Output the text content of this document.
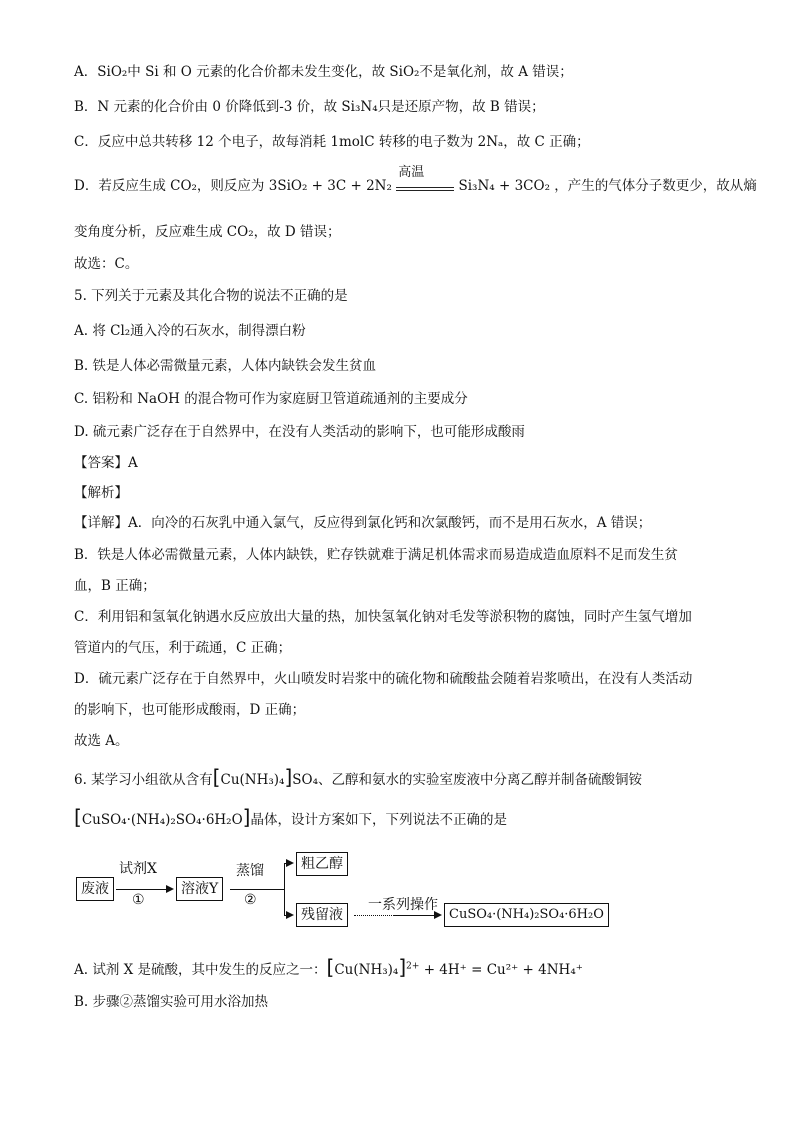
A．SiO₂中 Si 和 O 元素的化合价都未发生变化，故 SiO₂不是氧化剂，故 A 错误；
B．N 元素的化合价由 0 价降低到-3 价，故 Si₃N₄只是还原产物，故 B 错误；
C．反应中总共转移 12 个电子，故每消耗 1molC 转移的电子数为 2Nₐ，故 C 正确；
D．若反应生成 CO₂，则反应为 3SiO₂ + 3C + 2N₂
高温
Si₃N₄ + 3CO₂ ，产生的气体分子数更少，故从熵
变角度分析，反应难生成 CO₂，故 D 错误；
故选：C。
5. 下列关于元素及其化合物的说法不正确的是
A. 将 Cl₂通入冷的石灰水，制得漂白粉
B. 铁是人体必需微量元素，人体内缺铁会发生贫血
C. 铝粉和 NaOH 的混合物可作为家庭厨卫管道疏通剂的主要成分
D. 硫元素广泛存在于自然界中，在没有人类活动的影响下，也可能形成酸雨
【答案】A
【解析】
【详解】A．向冷的石灰乳中通入氯气，反应得到氯化钙和次氯酸钙，而不是用石灰水，A 错误；
B．铁是人体必需微量元素，人体内缺铁，贮存铁就难于满足机体需求而易造成造血原料不足而发生贫
血，B 正确；
C．利用铝和氢氧化钠遇水反应放出大量的热，加快氢氧化钠对毛发等淤积物的腐蚀，同时产生氢气增加
管道内的气压，利于疏通，C 正确；
D．硫元素广泛存在于自然界中，火山喷发时岩浆中的硫化物和硫酸盐会随着岩浆喷出，在没有人类活动
的影响下，也可能形成酸雨，D 正确；
故选 A。
6. 某学习小组欲从含有[Cu(NH₃)₄]SO₄、乙醇和氨水的实验室废液中分离乙醇并制备硫酸铜铵
[CuSO₄·(NH₄)₂SO₄·6H₂O]晶体，设计方案如下，下列说法不正确的是
废液
试剂X
①
溶液Y
蒸馏
②
粗乙醇
残留液
一系列操作
CuSO₄·(NH₄)₂SO₄·6H₂O
A. 试剂 X 是硫酸，其中发生的反应之一：$[Cu(NH_3)_4]^{2+} + 4H^+ = Cu^{2+} + 4NH_4^+$
B. 步骤②蒸馏实验可用水浴加热
